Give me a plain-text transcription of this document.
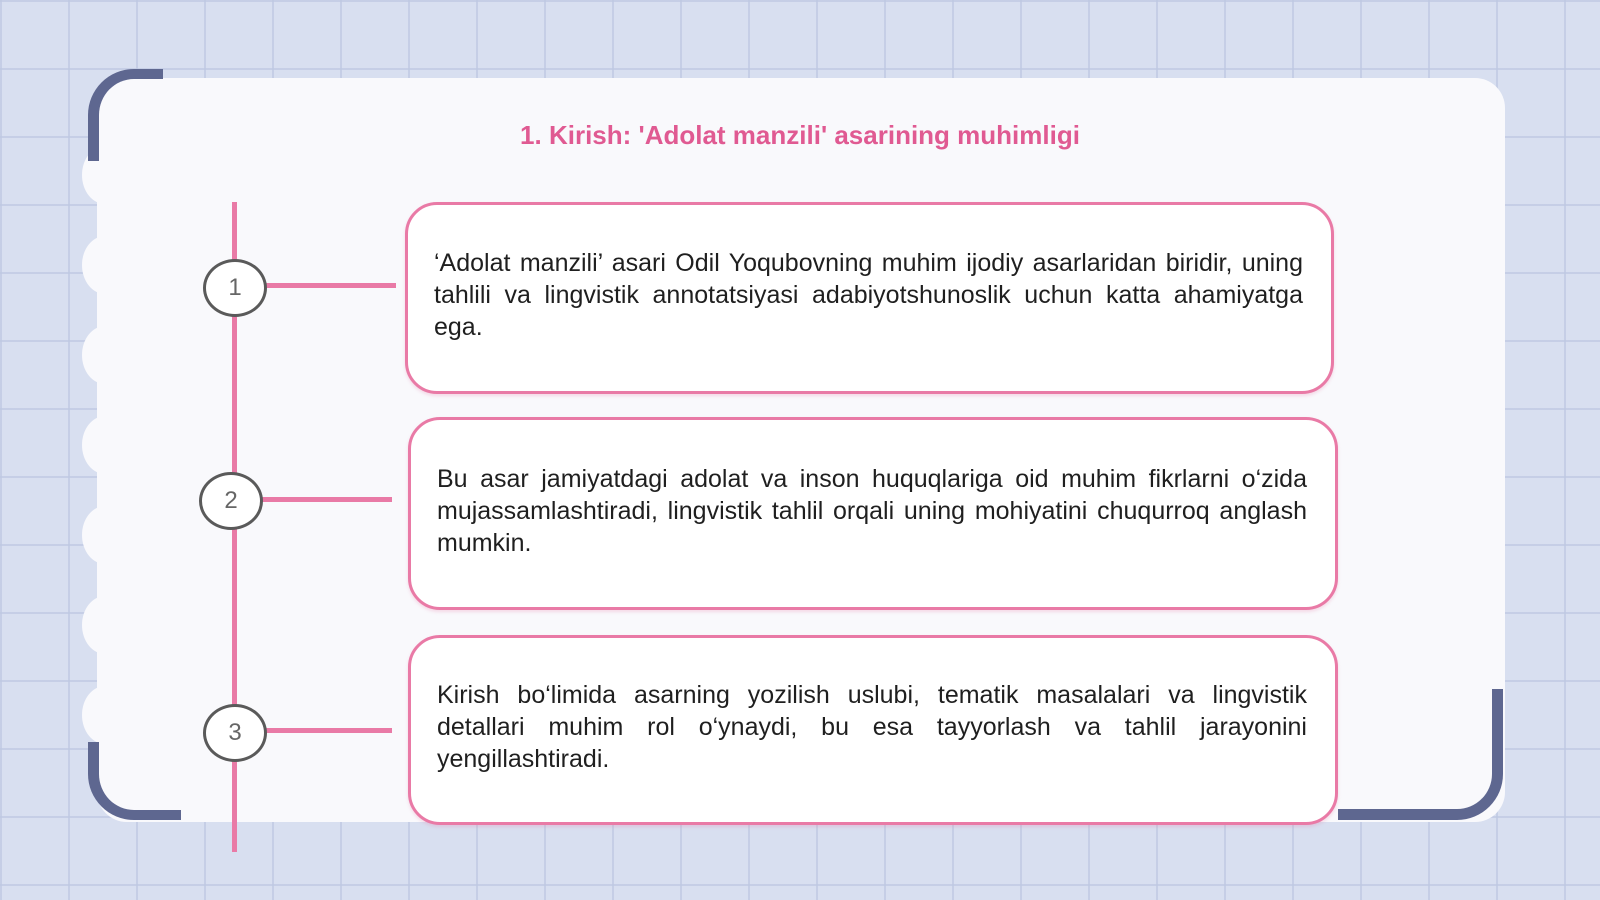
1. Kirish: 'Adolat manzili' asarining muhimligi
1
‘Adolat manzili’ asari Odil Yoqubovning muhim ijodiy asarlaridan biridir, uning tahlili va lingvistik annotatsiyasi adabiyotshunoslik uchun katta ahamiyatga ega.
2
Bu asar jamiyatdagi adolat va inson huquqlariga oid muhim fikrlarni o‘zida mujassamlashtiradi, lingvistik tahlil orqali uning mohiyatini chuqurroq anglash mumkin.
3
Kirish bo‘limida asarning yozilish uslubi, tematik masalalari va lingvistik detallari muhim rol o‘ynaydi, bu esa tayyorlash va tahlil jarayonini yengillashtiradi.
